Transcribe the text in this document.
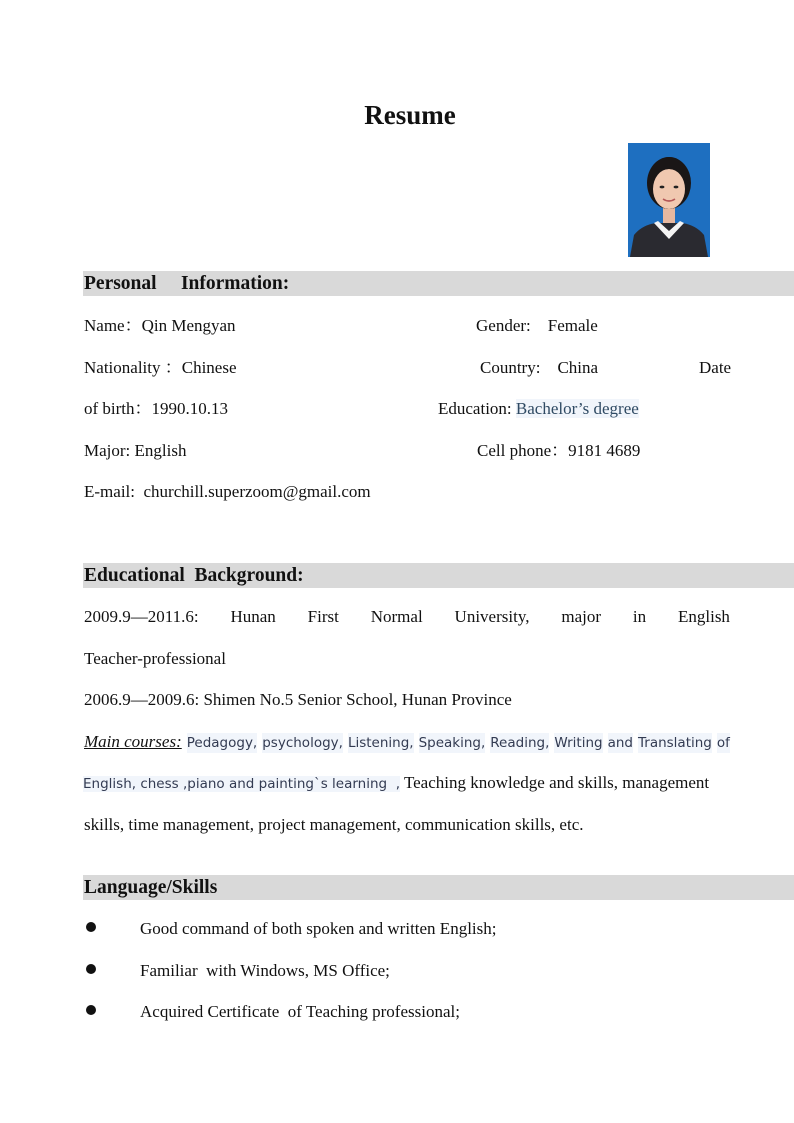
Resume
Personal     Information:
Name：Qin Mengyan	Gender: Female
Nationality ：Chinese	Country: China	Date
of birth：1990.10.13	Education: Bachelor’s degree
Major: English	Cell phone：9181 4689
E-mail: churchill.superzoom@gmail.com
Educational  Background:
2009.9—2011.6: Hunan First Normal University, major in English
Teacher-professional
2006.9—2009.6: Shimen No.5 Senior School, Hunan Province
Main courses: Pedagogy, psychology, Listening, Speaking, Reading, Writing and Translating of
English, chess ,piano and painting`s learning  , Teaching knowledge and skills, management
skills, time management, project management, communication skills, etc.
Language/Skills
Good command of both spoken and written English;
Familiar  with Windows, MS Office;
Acquired Certificate  of Teaching professional;
